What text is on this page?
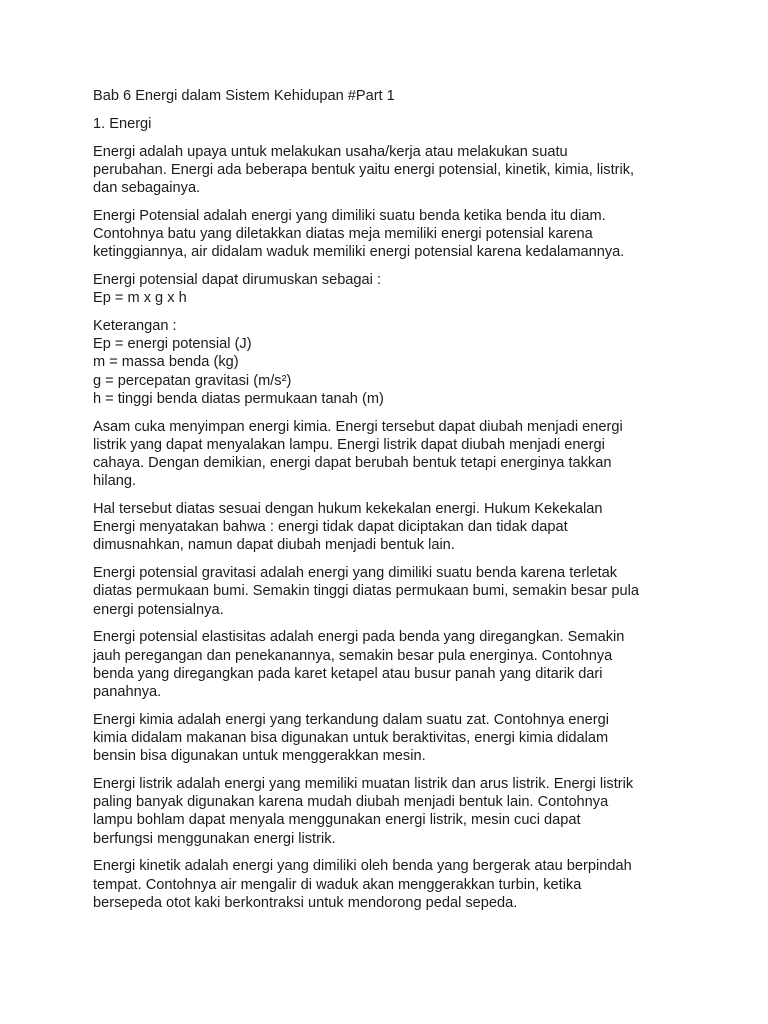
Bab 6 Energi dalam Sistem Kehidupan #Part 1

1. Energi

Energi adalah upaya untuk melakukan usaha/kerja atau melakukan suatu
perubahan. Energi ada beberapa bentuk yaitu energi potensial, kinetik, kimia, listrik,
dan sebagainya.

Energi Potensial adalah energi yang dimiliki suatu benda ketika benda itu diam.
Contohnya batu yang diletakkan diatas meja memiliki energi potensial karena
ketinggiannya, air didalam waduk memiliki energi potensial karena kedalamannya.

Energi potensial dapat dirumuskan sebagai :
Ep = m x g x h

Keterangan :
Ep = energi potensial (J)
m = massa benda (kg)
g = percepatan gravitasi (m/s²)
h = tinggi benda diatas permukaan tanah (m)

Asam cuka menyimpan energi kimia. Energi tersebut dapat diubah menjadi energi
listrik yang dapat menyalakan lampu. Energi listrik dapat diubah menjadi energi
cahaya. Dengan demikian, energi dapat berubah bentuk tetapi energinya takkan
hilang.

Hal tersebut diatas sesuai dengan hukum kekekalan energi. Hukum Kekekalan
Energi menyatakan bahwa : energi tidak dapat diciptakan dan tidak dapat
dimusnahkan, namun dapat diubah menjadi bentuk lain.

Energi potensial gravitasi adalah energi yang dimiliki suatu benda karena terletak
diatas permukaan bumi. Semakin tinggi diatas permukaan bumi, semakin besar pula
energi potensialnya.

Energi potensial elastisitas adalah energi pada benda yang diregangkan. Semakin
jauh peregangan dan penekanannya, semakin besar pula energinya. Contohnya
benda yang diregangkan pada karet ketapel atau busur panah yang ditarik dari
panahnya.

Energi kimia adalah energi yang terkandung dalam suatu zat. Contohnya energi
kimia didalam makanan bisa digunakan untuk beraktivitas, energi kimia didalam
bensin bisa digunakan untuk menggerakkan mesin.

Energi listrik adalah energi yang memiliki muatan listrik dan arus listrik. Energi listrik
paling banyak digunakan karena mudah diubah menjadi bentuk lain. Contohnya
lampu bohlam dapat menyala menggunakan energi listrik, mesin cuci dapat
berfungsi menggunakan energi listrik.

Energi kinetik adalah energi yang dimiliki oleh benda yang bergerak atau berpindah
tempat. Contohnya air mengalir di waduk akan menggerakkan turbin, ketika
bersepeda otot kaki berkontraksi untuk mendorong pedal sepeda.
